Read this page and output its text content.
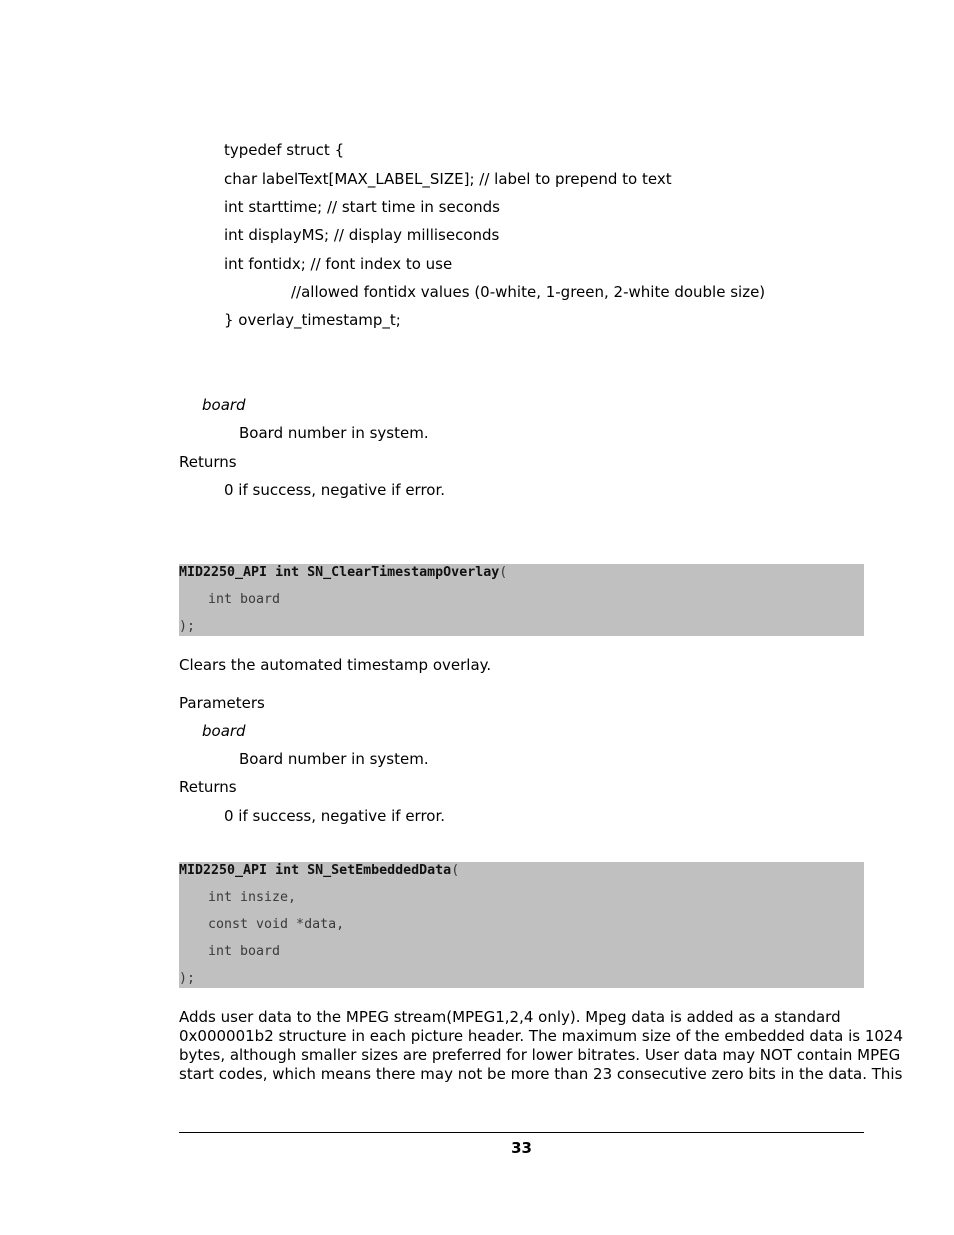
typedef struct {
char labelText[MAX_LABEL_SIZE]; // label to prepend to text
int starttime; // start time in seconds
int displayMS; // display milliseconds
int fontidx; // font index to use
//allowed fontidx values (0-white, 1-green, 2-white double size)
} overlay_timestamp_t;
board
Board number in system.
Returns
0 if success, negative if error.
MID2250_API int SN_ClearTimestampOverlay(
int board
);
Clears the automated timestamp overlay.
Parameters
board
Board number in system.
Returns
0 if success, negative if error.
MID2250_API int SN_SetEmbeddedData(
int insize,
const void *data,
int board
);
Adds user data to the MPEG stream(MPEG1,2,4 only). Mpeg data is added as a standard
0x000001b2 structure in each picture header. The maximum size of the embedded data is 1024
bytes, although smaller sizes are preferred for lower bitrates. User data may NOT contain MPEG
start codes, which means there may not be more than 23 consecutive zero bits in the data. This
33
